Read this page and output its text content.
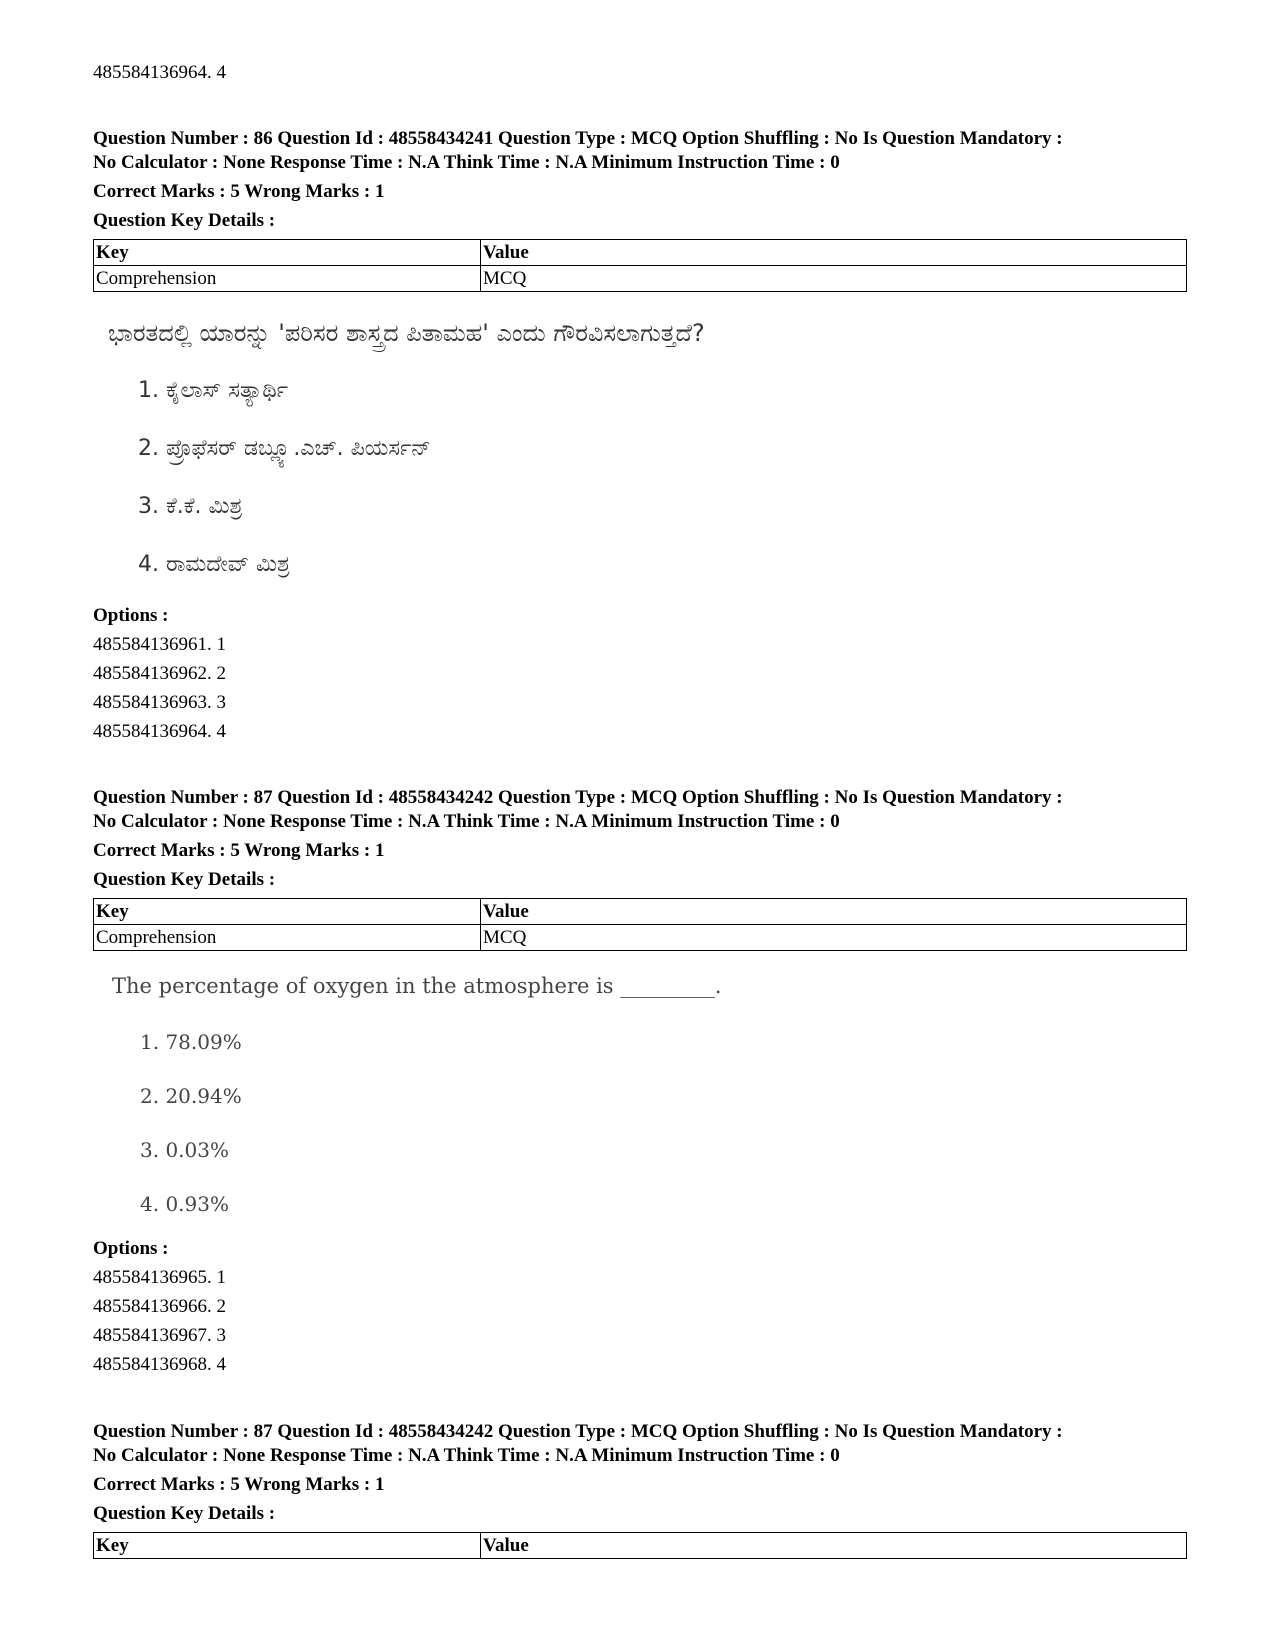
485584136964. 4
Question Number : 86 Question Id : 48558434241 Question Type : MCQ Option Shuffling : No Is Question Mandatory :
No Calculator : None Response Time : N.A Think Time : N.A Minimum Instruction Time : 0
Correct Marks : 5 Wrong Marks : 1
Question Key Details :
Key	Value
Comprehension	MCQ
ಭಾರತದಲ್ಲಿ ಯಾರನ್ನು 'ಪರಿಸರ ಶಾಸ್ತ್ರದ ಪಿತಾಮಹ' ಎಂದು ಗೌರವಿಸಲಾಗುತ್ತದೆ?
1. ಕೈಲಾಸ್ ಸತ್ಯಾರ್ಥಿ
2. ಪ್ರೊಫೆಸರ್ ಡಬ್ಲ್ಯೂ.ಎಚ್. ಪಿಯರ್ಸನ್
3. ಕೆ.ಕೆ. ಮಿಶ್ರ
4. ರಾಮದೇವ್ ಮಿಶ್ರ
Options :
485584136961. 1
485584136962. 2
485584136963. 3
485584136964. 4
Question Number : 87 Question Id : 48558434242 Question Type : MCQ Option Shuffling : No Is Question Mandatory :
No Calculator : None Response Time : N.A Think Time : N.A Minimum Instruction Time : 0
Correct Marks : 5 Wrong Marks : 1
Question Key Details :
Key	Value
Comprehension	MCQ
The percentage of oxygen in the atmosphere is _________.
1. 78.09%
2. 20.94%
3. 0.03%
4. 0.93%
Options :
485584136965. 1
485584136966. 2
485584136967. 3
485584136968. 4
Question Number : 87 Question Id : 48558434242 Question Type : MCQ Option Shuffling : No Is Question Mandatory :
No Calculator : None Response Time : N.A Think Time : N.A Minimum Instruction Time : 0
Correct Marks : 5 Wrong Marks : 1
Question Key Details :
Key	Value
